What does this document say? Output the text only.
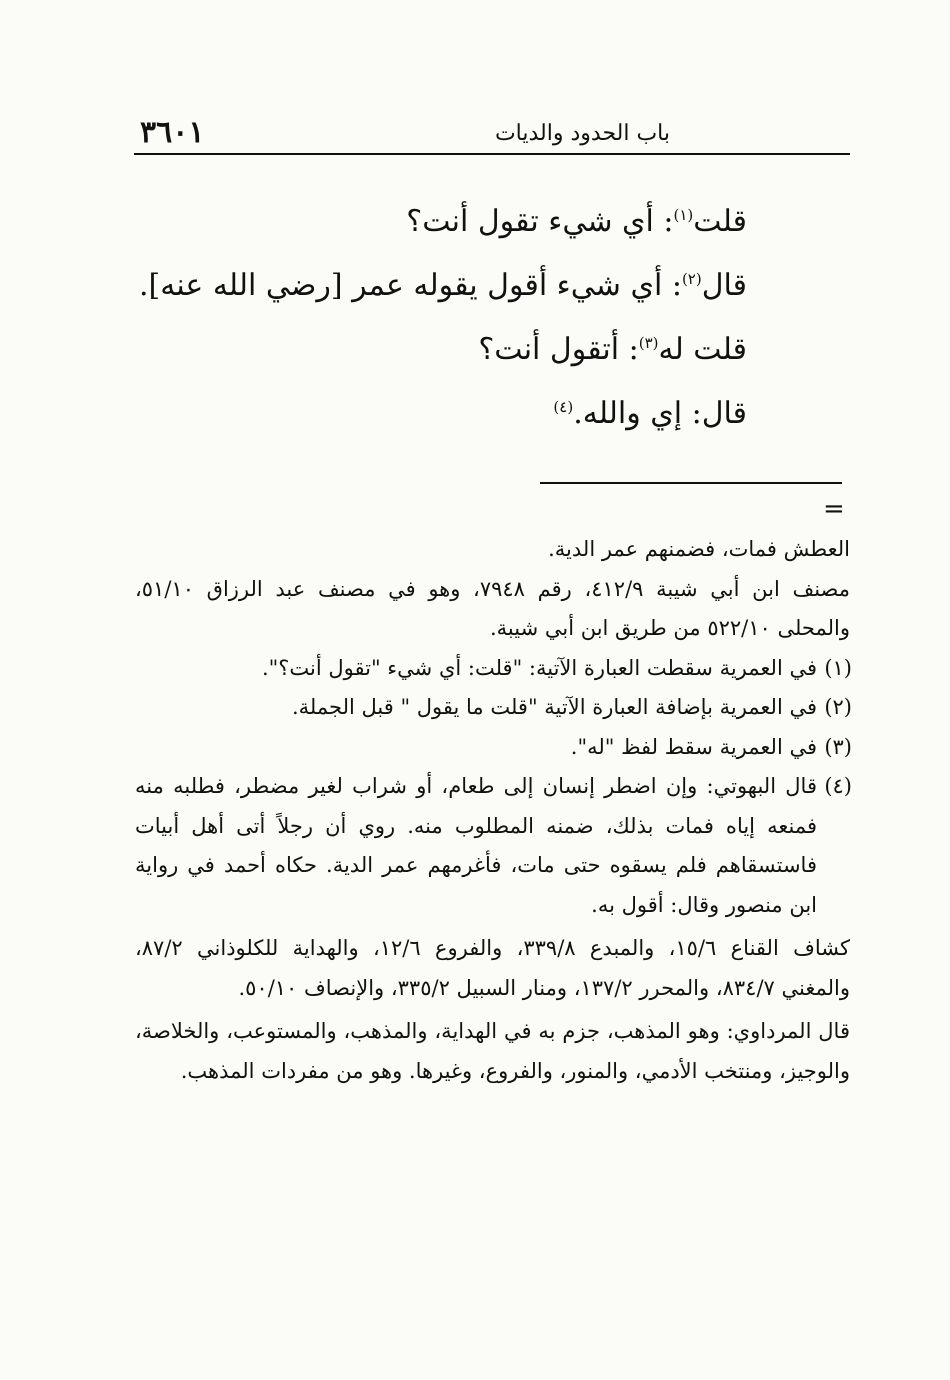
٣٦٠١	باب الحدود والديات

قلت$^{(١)}$: أي شيء تقول أنت؟

قال$^{(٢)}$: أي شيء أقول يقوله عمر [رضي الله عنه].

قلت له$^{(٣)}$: أتقول أنت؟

قال: إي والله.$^{(٤)}$

=

العطش فمات، فضمنهم عمر الدية.

مصنف ابن أبي شيبة ٤١٢/٩، رقم ٧٩٤٨، وهو في مصنف عبد الرزاق ٥١/١٠، والمحلى ٥٢٢/١٠ من طريق ابن أبي شيبة.

(١)
في العمرية سقطت العبارة الآتية: "قلت: أي شيء "تقول أنت؟".

(٢)
في العمرية بإضافة العبارة الآتية "قلت ما يقول " قبل الجملة.

(٣)
في العمرية سقط لفظ "له".

(٤)
قال البهوتي: وإن اضطر إنسان إلى طعام، أو شراب لغير مضطر، فطلبه منه فمنعه إياه فمات بذلك، ضمنه المطلوب منه. روي أن رجلاً أتى أهل أبيات فاستسقاهم فلم يسقوه حتى مات، فأغرمهم عمر الدية. حكاه أحمد في رواية ابن منصور وقال: أقول به.

كشاف القناع ١٥/٦، والمبدع ٣٣٩/٨، والفروع ١٢/٦، والهداية للكلوذاني ٨٧/٢، والمغني ٨٣٤/٧، والمحرر ١٣٧/٢، ومنار السبيل ٣٣٥/٢، والإنصاف ٥٠/١٠.

قال المرداوي: وهو المذهب، جزم به في الهداية، والمذهب، والمستوعب، والخلاصة، والوجيز، ومنتخب الأدمي، والمنور، والفروع، وغيرها. وهو من مفردات المذهب.
